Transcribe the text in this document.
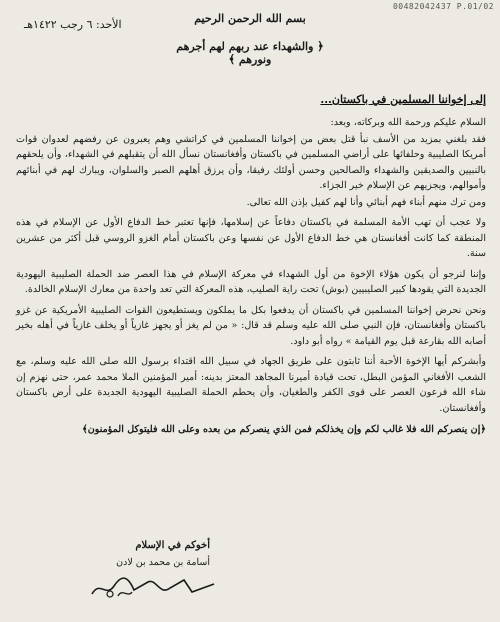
00482042437 P.01/02
الأحد: ٦ رجب ١٤٢٢هـ	بسم الله الرحمن الرحيم
﴿ والشهداء عند ربهم لهم أجرهم ونورهم ﴾
إلى إخواننا المسلمين في باكستان...

السلام عليكم ورحمة الله وبركاته، وبعد:

فقد بلغني بمزيد من الأسف نبأ قتل بعض من إخواننا المسلمين في كراتشي وهم يعبرون عن رفضهم لعدوان قوات أمريكا الصليبية وحلفائها على أراضي المسلمين في باكستان وأفغانستان نسأل الله أن يتقبلهم في الشهداء، وأن يلحقهم بالنبيين والصديقين والشهداء والصالحين وحسن أولئك رفيقا، وأن يرزق أهلهم الصبر والسلوان، ويبارك لهم في أبنائهم وأموالهم، ويجزيهم عن الإسلام خير الجزاء.

ومن ترك منهم أبناء فهم أبنائي وأنا لهم كفيل بإذن الله تعالى.

ولا عجب أن تهب الأمة المسلمة في باكستان دفاعاً عن إسلامها، فإنها تعتبر خط الدفاع الأول عن الإسلام في هذه المنطقة كما كانت أفغانستان هي خط الدفاع الأول عن نفسها وعن باكستان أمام الغزو الروسي قبل أكثر من عشرين سنة.

وإننا لنرجو أن يكون هؤلاء الإخوة من أول الشهداء في معركة الإسلام في هذا العصر ضد الحملة الصليبية اليهودية الجديدة التي يقودها كبير الصليبيين (بوش) تحت راية الصليب، هذه المعركة التي تعد واحدة من معارك الإسلام الخالدة.

ونحن نحرض إخواننا المسلمين في باكستان أن يدفعوا بكل ما يملكون ويستطيعون القوات الصليبية الأمريكية عن غزو باكستان وأفغانستان، فإن النبي صلى الله عليه وسلم قد قال: « من لم يغز أو يجهز غازياً أو يخلف غازياً في أهله بخير أصابه الله بقارعة قبل يوم القيامة » رواه أبو داود.

وأبشركم أيها الإخوة الأحبة أننا ثابتون على طريق الجهاد في سبيل الله اقتداء برسول الله صلى الله عليه وسلم، مع الشعب الأفغاني المؤمن البطل، تحت قيادة أميرنا المجاهد المعتز بدينه: أمير المؤمنين الملا محمد عمر، حتى نهزم إن شاء الله فرعون العصر على قوى الكفر والطغيان، وأن يحطم الحملة الصليبية اليهودية الجديدة على أرض باكستان وأفغانستان.

﴿إن ينصركم الله فلا غالب لكم وإن يخذلكم فمن الذي ينصركم من بعده وعلى الله فليتوكل المؤمنون﴾

أخوكم في الإسلام
أسامة بن محمد بن لادن
